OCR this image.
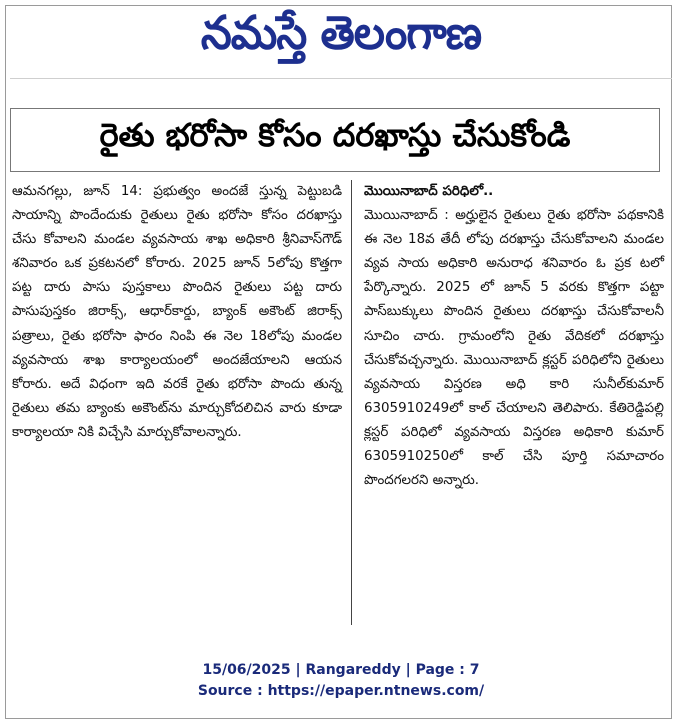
నమస్తే తెలంగాణ
రైతు భరోసా కోసం దరఖాస్తు చేసుకోండి
ఆమనగల్లు, జూన్ 14: ప్రభుత్వం అందజే స్తున్న పెట్టుబడి సాయాన్ని పొందేందుకు రైతులు రైతు భరోసా కోసం దరఖాస్తు చేసు కోవాలని మండల వ్యవసాయ శాఖ అధికారి శ్రీనివాస్‌గౌడ్ శనివారం ఒక ప్రకటనలో కోరారు. 2025 జూన్ 5లోపు కొత్తగా పట్ట దారు పాసు పుస్తకాలు పొందిన రైతులు పట్ట దారు పాసుపుస్తకం జిరాక్స్, ఆధార్‌కార్డు, బ్యాంక్ అకౌంట్ జిరాక్స్ పత్రాలు, రైతు భరోసా ఫారం నింపి ఈ నెల 18లోపు మండల వ్యవసాయ శాఖ కార్యాలయంలో అందజేయాలని ఆయన కోరారు. అదే విధంగా ఇది వరకే రైతు భరోసా పొందు తున్న రైతులు తమ బ్యాంకు అకౌంట్‌ను మార్చుకోదలిచిన వారు కూడా కార్యాలయా నికి విచ్చేసి మార్చుకోవాలన్నారు.
మొయినాబాద్ పరిధిలో..
మొయినాబాద్ : అర్హులైన రైతులు రైతు భరోసా పథకానికి ఈ నెల 18వ తేదీ లోపు దరఖాస్తు చేసుకోవాలని మండల వ్యవ సాయ అధికారి అనురాధ శనివారం ఓ ప్రక టలో పేర్కొన్నారు. 2025 లో జూన్ 5 వరకు కొత్తగా పట్టా పాస్‌బుక్కులు పొందిన రైతులు దరఖాస్తు చేసుకోవాలనీ సూచిం చారు. గ్రామంలోని రైతు వేదికలో దరఖాస్తు చేసుకోవచ్చన్నారు. మొయినాబాద్ క్లస్టర్ పరిధిలోని రైతులు వ్యవసాయ విస్తరణ అధి కారి సునీల్‌కుమార్ 6305910249లో కాల్ చేయాలని తెలిపారు. కేతిరెడ్డిపల్లి క్లస్టర్ పరిధిలో వ్యవసాయ విస్తరణ అధికారి కుమార్ 6305910250లో కాల్ చేసి పూర్తి సమాచారం పొందగలరని అన్నారు.
15/06/2025 | Rangareddy | Page : 7
Source : https://epaper.ntnews.com/
